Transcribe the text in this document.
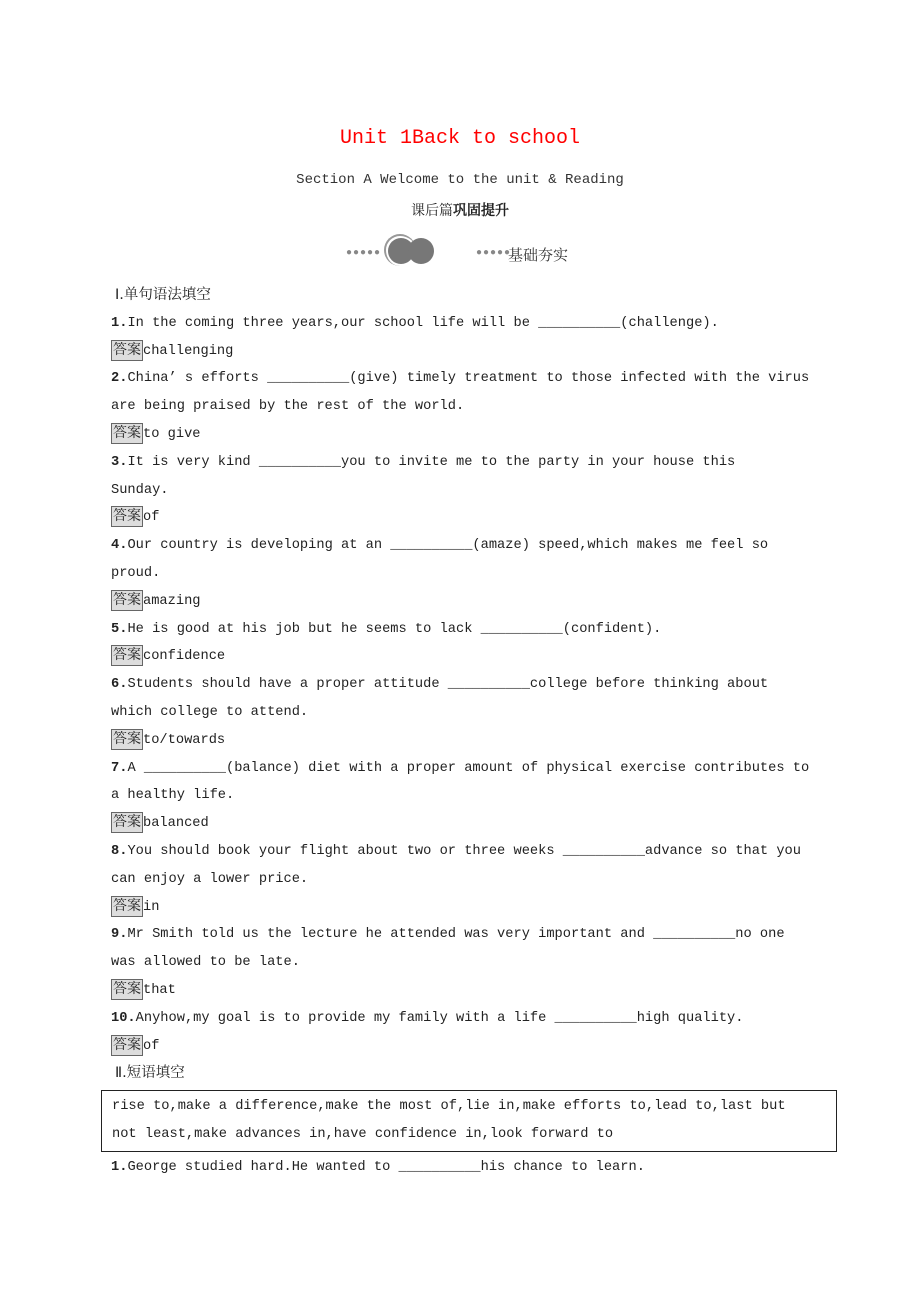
Unit 1Back to school
Section A Welcome to the unit & Reading
课后篇巩固提升
●●●●●	●●●●●
基础夯实
Ⅰ.单句语法填空
1.In the coming three years,our school life will be __________(challenge).
答案 challenging
2.China’ s efforts __________(give) timely treatment to those infected with the virus
are being praised by the rest of the world.
答案 to give
3.It is very kind __________you to invite me to the party in your house this
Sunday.
答案 of
4.Our country is developing at an __________(amaze) speed,which makes me feel so
proud.
答案 amazing
5.He is good at his job but he seems to lack __________(confident).
答案 confidence
6.Students should have a proper attitude __________college before thinking about
which college to attend.
答案 to/towards
7.A __________(balance) diet with a proper amount of physical exercise contributes to
a healthy life.
答案 balanced
8.You should book your flight about two or three weeks __________advance so that you
can enjoy a lower price.
答案 in
9.Mr Smith told us the lecture he attended was very important and __________no one
was allowed to be late.
答案 that
10.Anyhow,my goal is to provide my family with a life __________high quality.
答案 of
Ⅱ.短语填空
rise to,make a difference,make the most of,lie in,make efforts to,lead to,last but
not least,make advances in,have confidence in,look forward to
1.George studied hard.He wanted to __________his chance to learn.
